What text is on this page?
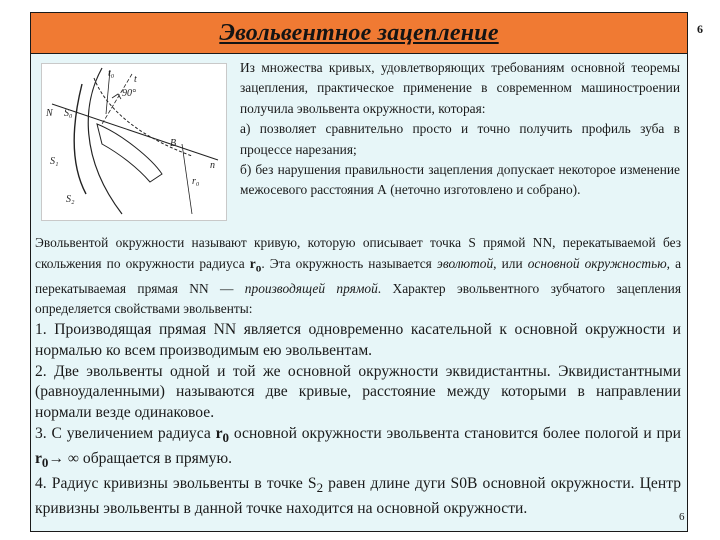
6
Эвольвентное зацепление
N S₀
S₁
S₂
t₀
t
90°
B
r₀
n

Из множества кривых, удовлетворяющих требованиям основной теоремы зацепления, практическое применение в современном машиностроении получила эвольвента окружности, которая:

а) позволяет сравнительно просто и точно получить профиль зуба в процессе нарезания;

б) без нарушения правильности зацепления допускает некоторое изменение межосевого расстояния А (неточно изготовлено и собрано).

Эвольвентой окружности называют кривую, которую описывает точка S прямой NN, перекатываемой без скольжения по окружности радиуса $r_o$. Эта окружность называется эволютой, или основной окружностью, а перекатываемая прямая NN — производящей прямой. Характер эвольвентного зубчатого зацепления определяется свойствами эвольвенты:

1. Производящая прямая NN является одновременно касательной к основной окружности и нормалью ко всем производимым ею эвольвентам.

2. Две эвольвенты одной и той же основной окружности эквидистантны. Эквидистантными (равноудаленными) называются две кривые, расстояние между которыми в направлении нормали везде одинаковое.

3. С увеличением радиуса $r_0$ основной окружности эвольвента становится более пологой и при $r_0\to$ ∞ обращается в прямую.

4. Радиус кривизны эвольвенты в точке $S_2$ равен длине дуги S0B основной окружности. Центр кривизны эвольвенты в данной точке находится на основной окружности.

6
